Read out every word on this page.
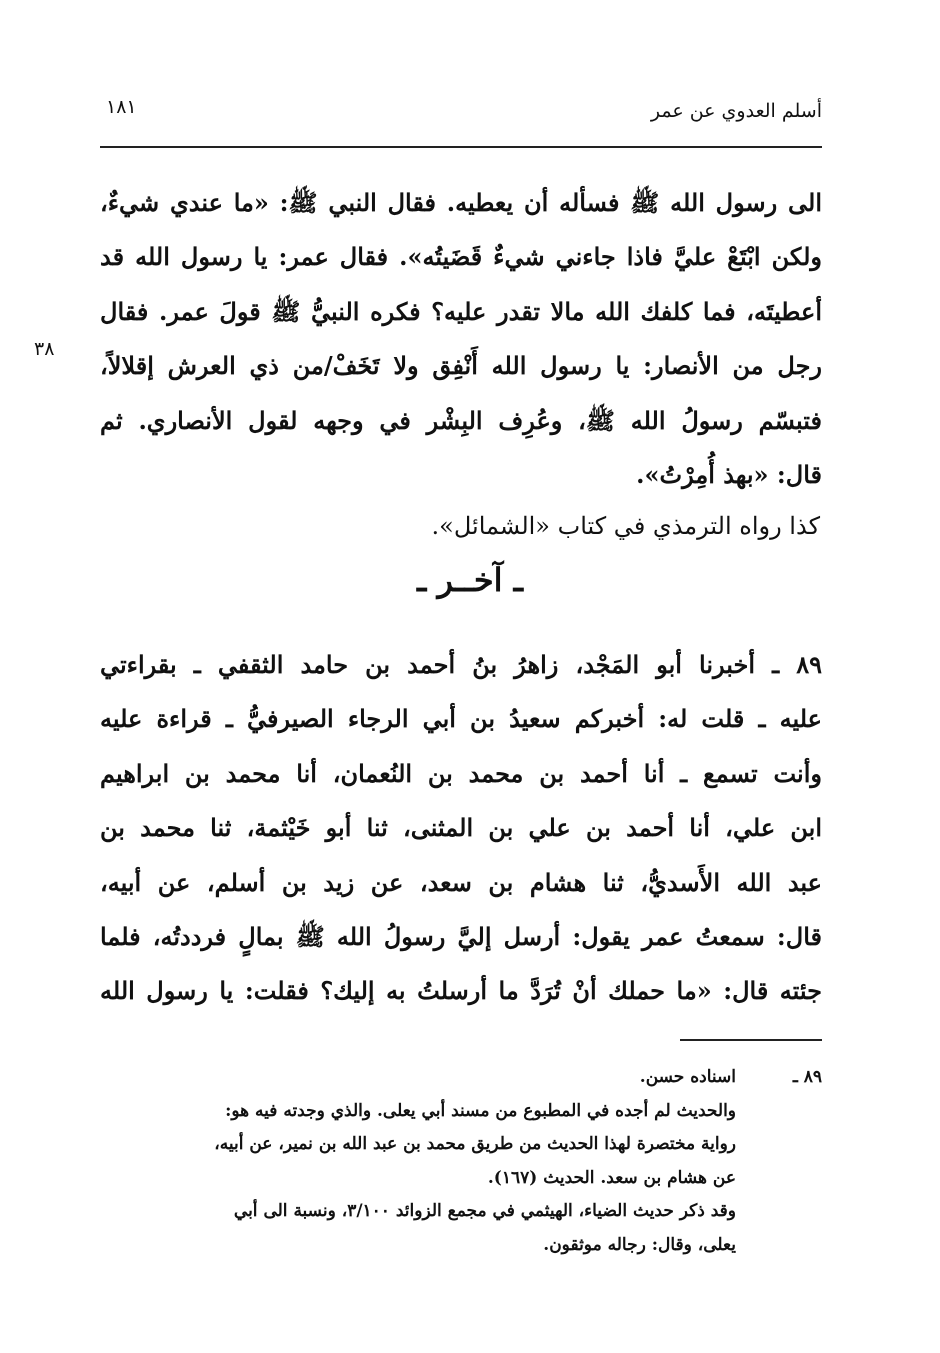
أسلم العدوي عن عمر
١٨١
الى رسول الله ﷺ فسأله أن يعطيه. فقال النبي ﷺ: «ما عندي شيءٌ،
ولكن ابْتَعْ عليَّ فاذا جاءني شيءٌ قَضَيتُه». فقال عمر: يا رسول الله قد
أعطيتَه، فما كلفك الله مالا تقدر عليه؟ فكره النبيُّ ﷺ قولَ عمر. فقال
رجل من الأنصار: يا رسول الله أَنْفِق ولا تَخَفْ/من ذي العرش إقلالاً،
فتبسّم رسولُ الله ﷺ، وعُرِف البِشْر في وجهه لقول الأنصاري. ثم
قال: «بهذ أُمِرْتُ».
٣٨
كذا رواه الترمذي في كتاب «الشمائل».
ـ آخــر ـ
٨٩ ـ أخبرنا أبو المَجْد، زاهرُ بنُ أحمد بن حامد الثقفي ـ بقراءتي
عليه ـ قلت له: أخبركم سعيدُ بن أبي الرجاء الصيرفيُّ ـ قراءة عليه
وأنت تسمع ـ أنا أحمد بن محمد بن النُعمان، أنا محمد بن ابراهيم
ابن علي، أنا أحمد بن علي بن المثنى، ثنا أبو خَيْثمة، ثنا محمد بن
عبد الله الأَسديُّ، ثنا هشام بن سعد، عن زيد بن أسلم، عن أبيه،
قال: سمعتُ عمر يقول: أرسل إليَّ رسولُ الله ﷺ بمالٍ فرددتُه، فلما
جئته قال: «ما حملك أنْ تُرَدَّ ما أرسلتُ به إليك؟ فقلت: يا رسول الله
٨٩ ـ
اسناده حسن.
والحديث لم أجده في المطبوع من مسند أبي يعلى. والذي وجدته فيه هو:
رواية مختصرة لهذا الحديث من طريق محمد بن عبد الله بن نمير، عن أبيه،
عن هشام بن سعد. الحديث (١٦٧).
وقد ذكر حديث الضياء، الهيثمي في مجمع الزوائد ٣/١٠٠، ونسبة الى أبي
يعلى، وقال: رجاله موثقون.
